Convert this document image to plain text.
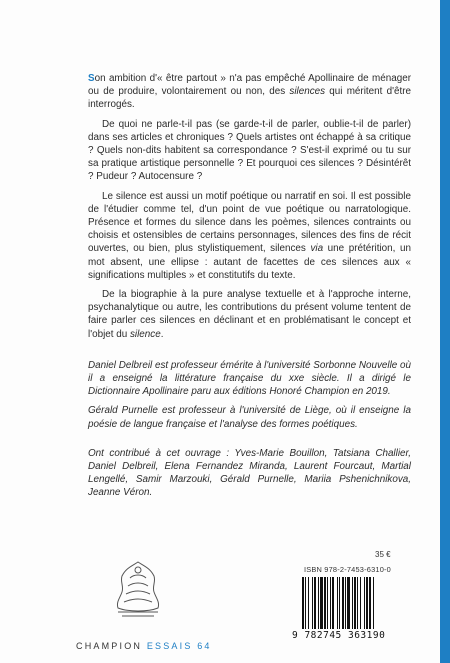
Son ambition d'« être partout » n'a pas empêché Apollinaire de ménager ou de produire, volontairement ou non, des silences qui méritent d'être interrogés.

De quoi ne parle-t-il pas (se garde-t-il de parler, oublie-t-il de parler) dans ses articles et chroniques ? Quels artistes ont échappé à sa critique ? Quels non-dits habitent sa correspondance ? S'est-il exprimé ou tu sur sa pratique artistique personnelle ? Et pourquoi ces silences ? Désintérêt ? Pudeur ? Autocensure ?

Le silence est aussi un motif poétique ou narratif en soi. Il est possible de l'étudier comme tel, d'un point de vue poétique ou narratologique. Présence et formes du silence dans les poèmes, silences contraints ou choisis et ostensibles de certains personnages, silences des fins de récit ouvertes, ou bien, plus stylistiquement, silences via une prétérition, un mot absent, une ellipse : autant de facettes de ces silences aux « significations multiples » et constitutifs du texte.

De la biographie à la pure analyse textuelle et à l'approche interne, psychanalytique ou autre, les contributions du présent volume tentent de faire parler ces silences en déclinant et en problématisant le concept et l'objet du silence.

Daniel Delbreil est professeur émérite à l'université Sorbonne Nouvelle où il a enseigné la littérature française du xxe siècle. Il a dirigé le Dictionnaire Apollinaire paru aux éditions Honoré Champion en 2019.

Gérald Purnelle est professeur à l'université de Liège, où il enseigne la poésie de langue française et l'analyse des formes poétiques.

Ont contribué à cet ouvrage : Yves-Marie Bouillon, Tatsiana Challier, Daniel Delbreil, Elena Fernandez Miranda, Laurent Fourcaut, Martial Lengellé, Samir Marzouki, Gérald Purnelle, Mariia Pshenichnikova, Jeanne Véron.

35 €
ISBN 978-2-7453-6310-0
9 782745 363190
CHAMPION ESSAIS 64
